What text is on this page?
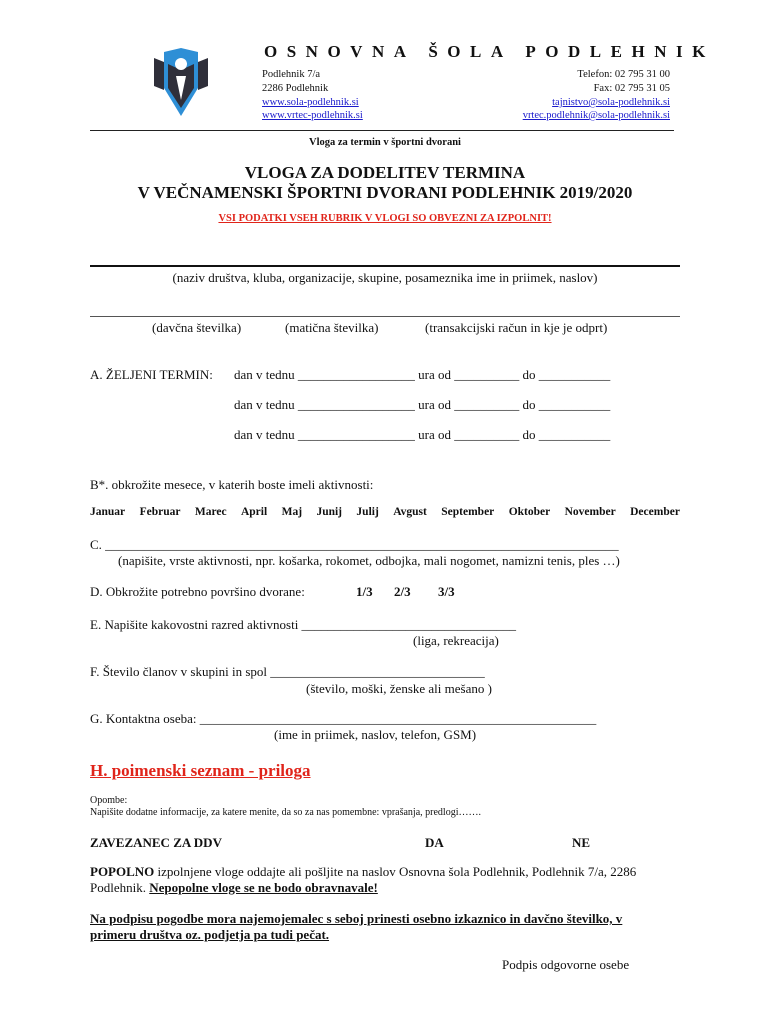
OSNOVNA ŠOLA PODLEHNIK
Podlehnik 7/a
2286 Podlehnik
www.sola-podlehnik.si
www.vrtec-podlehnik.si
Telefon: 02 795 31 00
Fax: 02 795 31 05
tajnistvo@sola-podlehnik.si
vrtec.podlehnik@sola-podlehnik.si
Vloga za termin v športni dvorani
VLOGA ZA DODELITEV TERMINA
V VEČNAMENSKI ŠPORTNI DVORANI PODLEHNIK 2019/2020
VSI PODATKI VSEH RUBRIK V VLOGI SO OBVEZNI ZA IZPOLNIT!
(naziv društva, kluba, organizacije, skupine, posameznika ime in priimek, naslov)
(davčna številka)	(matična številka)	(transakcijski račun in kje je odprt)
A. ŽELJENI TERMIN: dan v tednu __________________ ura od __________ do ___________
dan v tednu __________________ ura od __________ do ___________
dan v tednu __________________ ura od __________ do ___________
B*. obkrožite mesece, v katerih boste imeli aktivnosti:
Januar Februar Marec April Maj Junij Julij Avgust September Oktober November December
C. _______________________________________________________________________________
(napišite, vrste aktivnosti, npr. košarka, rokomet, odbojka, mali nogomet, namizni tenis, ples …)
D. Obkrožite potrebno površino dvorane:	1/3 2/3 3/3
E. Napišite kakovostni razred aktivnosti _________________________________
(liga, rekreacija)
F. Število članov v skupini in spol _________________________________
(število, moški, ženske ali mešano )
G. Kontaktna oseba: _____________________________________________________________
(ime in priimek, naslov, telefon, GSM)
H. poimenski seznam - priloga
Opombe:
Napišite dodatne informacije, za katere menite, da so za nas pomembne: vprašanja, predlogi…….
ZAVEZANEC ZA DDV	DA	NE
POPOLNO izpolnjene vloge oddajte ali pošljite na naslov Osnovna šola Podlehnik, Podlehnik 7/a, 2286
Podlehnik. Nepopolne vloge se ne bodo obravnavale!
Na podpisu pogodbe mora najemojemalec s seboj prinesti osebno izkaznico in davčno številko, v
primeru društva oz. podjetja pa tudi pečat.
Podpis odgovorne osebe
